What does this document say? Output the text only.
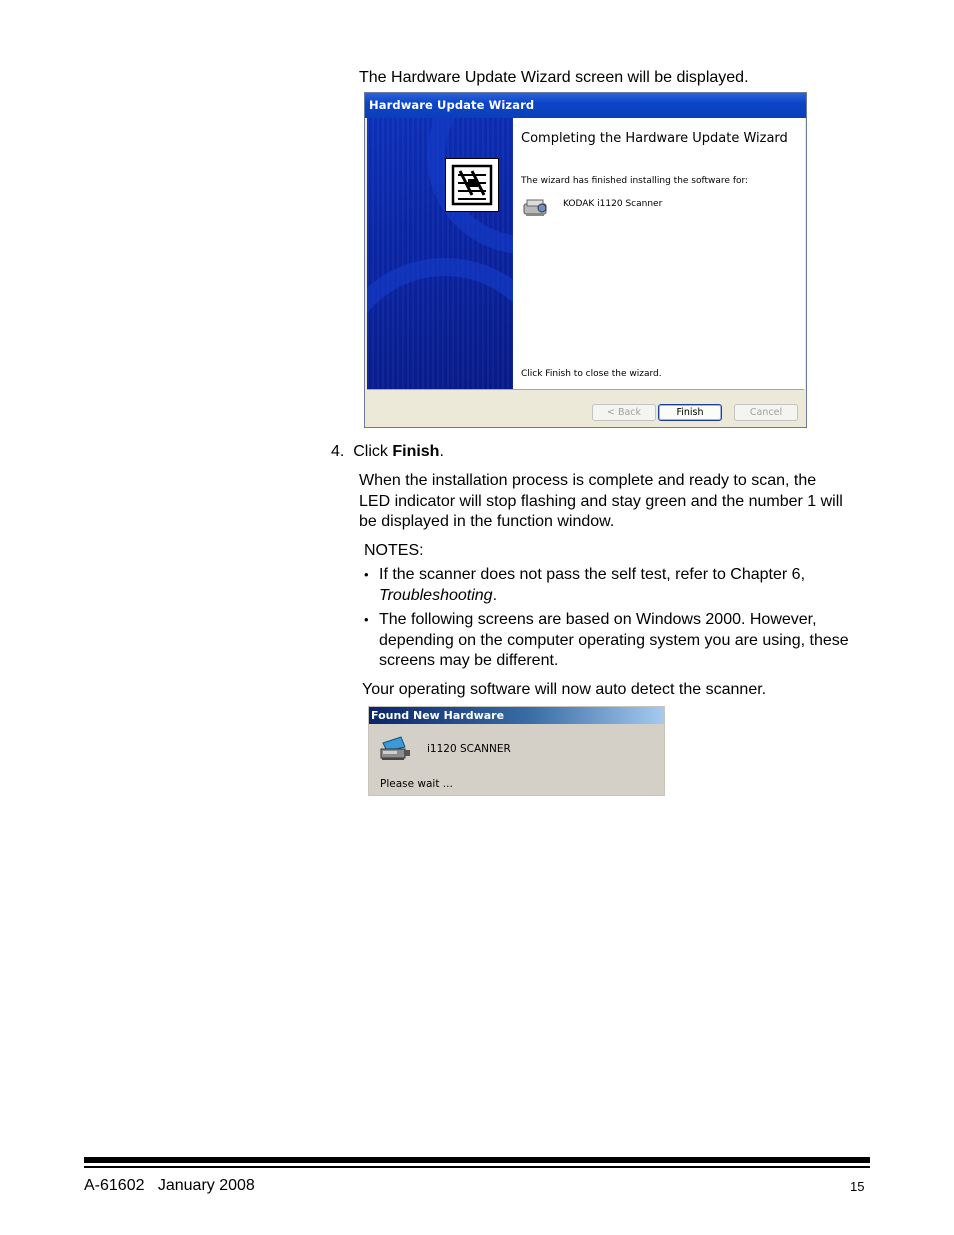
The Hardware Update Wizard screen will be displayed.

Hardware Update Wizard
Completing the Hardware Update Wizard
The wizard has finished installing the software for:
KODAK i1120 Scanner
Click Finish to close the wizard.
< Back	Finish	Cancel
4. Click Finish.

When the installation process is complete and ready to scan, the LED indicator will stop flashing and stay green and the number 1 will be displayed in the function window.

NOTES:

• If the scanner does not pass the self test, refer to Chapter 6, Troubleshooting.
• The following screens are based on Windows 2000. However, depending on the computer operating system you are using, these screens may be different.

Your operating software will now auto detect the scanner.

Found New Hardware
i1120 SCANNER
Please wait ...
A-61602 January 2008	15
